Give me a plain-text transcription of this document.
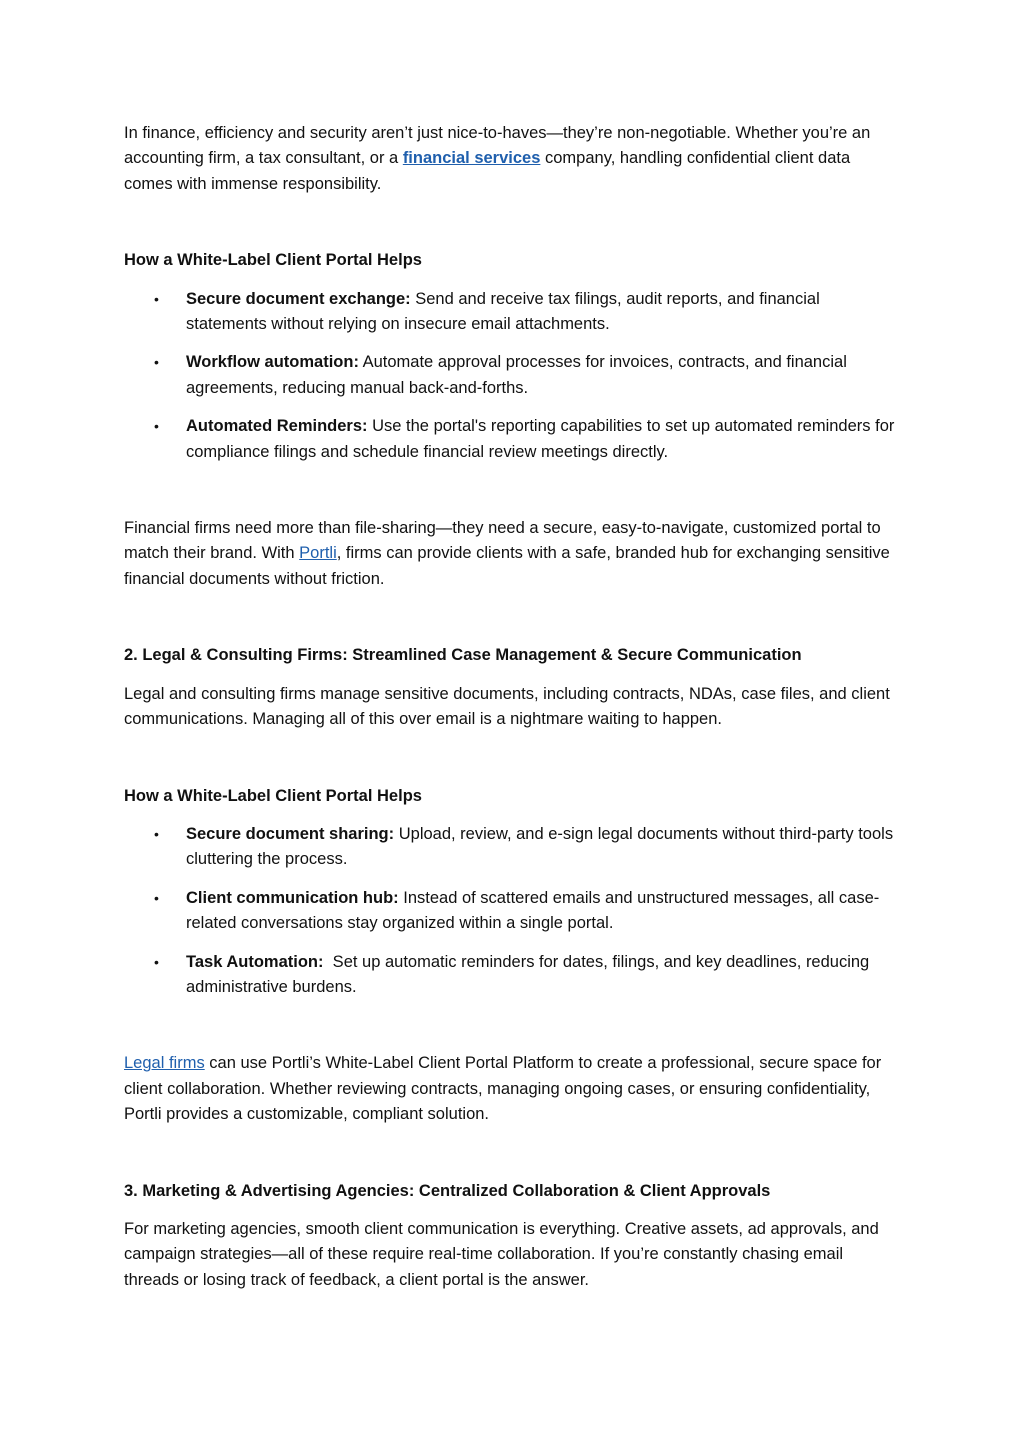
In finance, efficiency and security aren’t just nice-to-haves—they’re non-negotiable. Whether you’re an accounting firm, a tax consultant, or a financial services company, handling confidential client data comes with immense responsibility.

How a White-Label Client Portal Helps

• Secure document exchange: Send and receive tax filings, audit reports, and financial statements without relying on insecure email attachments.
• Workflow automation: Automate approval processes for invoices, contracts, and financial agreements, reducing manual back-and-forths.
• Automated Reminders: Use the portal's reporting capabilities to set up automated reminders for compliance filings and schedule financial review meetings directly.

Financial firms need more than file-sharing—they need a secure, easy-to-navigate, customized portal to match their brand. With Portli, firms can provide clients with a safe, branded hub for exchanging sensitive financial documents without friction.

2. Legal & Consulting Firms: Streamlined Case Management & Secure Communication

Legal and consulting firms manage sensitive documents, including contracts, NDAs, case files, and client communications. Managing all of this over email is a nightmare waiting to happen.

How a White-Label Client Portal Helps

• Secure document sharing: Upload, review, and e-sign legal documents without third-party tools cluttering the process.
• Client communication hub: Instead of scattered emails and unstructured messages, all case-related conversations stay organized within a single portal.
• Task Automation:  Set up automatic reminders for dates, filings, and key deadlines, reducing administrative burdens.

Legal firms can use Portli’s White-Label Client Portal Platform to create a professional, secure space for client collaboration. Whether reviewing contracts, managing ongoing cases, or ensuring confidentiality, Portli provides a customizable, compliant solution.

3. Marketing & Advertising Agencies: Centralized Collaboration & Client Approvals

For marketing agencies, smooth client communication is everything. Creative assets, ad approvals, and campaign strategies—all of these require real-time collaboration. If you’re constantly chasing email threads or losing track of feedback, a client portal is the answer.
